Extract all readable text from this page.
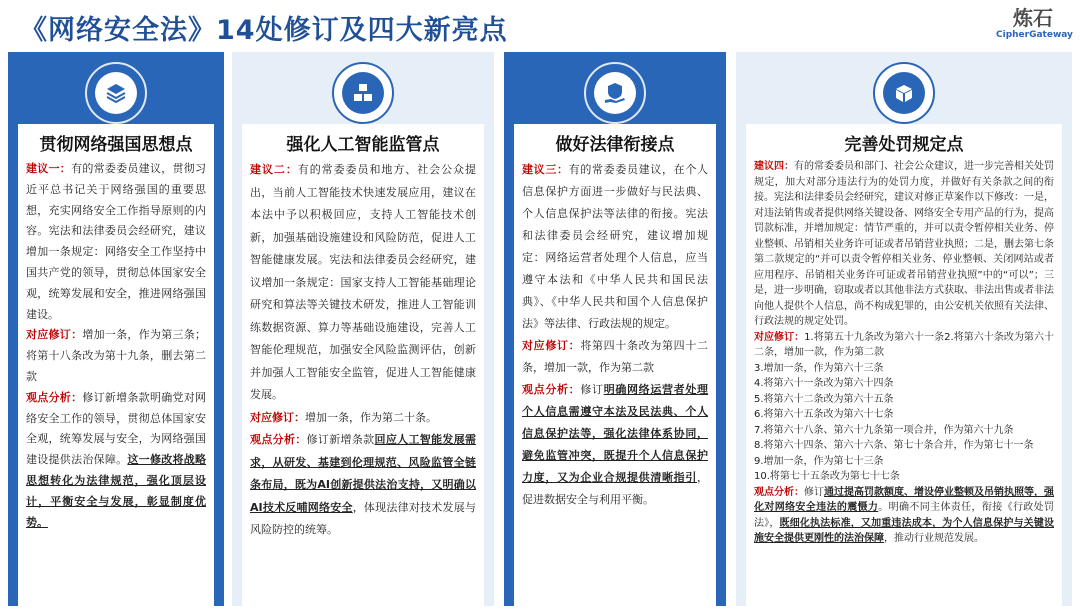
《网络安全法》14处修订及四大新亮点	炼石
CipherGateway
贯彻网络强国思想点

建议一：有的常委委员建议，贯彻习近平总书记关于网络强国的重要思想，充实网络安全工作指导原则的内容。宪法和法律委员会经研究，建议增加一条规定：网络安全工作坚持中国共产党的领导，贯彻总体国家安全观，统筹发展和安全，推进网络强国建设。

对应修订：增加一条，作为第三条；将第十八条改为第十九条，删去第二款

观点分析：修订新增条款明确党对网络安全工作的领导，贯彻总体国家安全观，统筹发展与安全，为网络强国建设提供法治保障。这一修改将战略思想转化为法律规范，强化顶层设计，平衡安全与发展，彰显制度优势。

强化人工智能监管点

建议二：有的常委委员和地方、社会公众提出，当前人工智能技术快速发展应用，建议在本法中予以积极回应，支持人工智能技术创新，加强基础设施建设和风险防范，促进人工智能健康发展。宪法和法律委员会经研究，建议增加一条规定：国家支持人工智能基础理论研究和算法等关键技术研发，推进人工智能训练数据资源、算力等基础设施建设，完善人工智能伦理规范，加强安全风险监测评估，创新并加强人工智能安全监管，促进人工智能健康发展。

对应修订：增加一条，作为第二十条。

观点分析：修订新增条款回应人工智能发展需求，从研发、基建到伦理规范、风险监管全链条布局，既为AI创新提供法治支持，又明确以AI技术反哺网络安全，体现法律对技术发展与风险防控的统筹。

做好法律衔接点

建议三：有的常委委员建议，在个人信息保护方面进一步做好与民法典、个人信息保护法等法律的衔接。宪法和法律委员会经研究，建议增加规定：网络运营者处理个人信息，应当遵守本法和《中华人民共和国民法典》、《中华人民共和国个人信息保护法》等法律、行政法规的规定。

对应修订：将第四十条改为第四十二条，增加一款，作为第二款

观点分析：修订明确网络运营者处理个人信息需遵守本法及民法典、个人信息保护法等，强化法律体系协同，避免监管冲突，既提升个人信息保护力度，又为企业合规提供清晰指引，促进数据安全与利用平衡。

完善处罚规定点

建议四：有的常委委员和部门、社会公众建议，进一步完善相关处罚规定，加大对部分违法行为的处罚力度，并做好有关条款之间的衔接。宪法和法律委员会经研究，建议对修正草案作以下修改：一是，对违法销售或者提供网络关键设备、网络安全专用产品的行为，提高罚款标准，并增加规定：情节严重的，并可以责令暂停相关业务、停业整顿、吊销相关业务许可证或者吊销营业执照；二是，删去第七条第二款规定的“并可以责令暂停相关业务、停业整顿、关闭网站或者应用程序、吊销相关业务许可证或者吊销营业执照”中的“可以”；三是，进一步明确，窃取或者以其他非法方式获取、非法出售或者非法向他人提供个人信息，尚不构成犯罪的，由公安机关依照有关法律、行政法规的规定处罚。

对应修订：1.将第五十九条改为第六十一条2.将第六十条改为第六十二条，增加一款，作为第二款

3.增加一条，作为第六十三条

4.将第六十一条改为第六十四条

5.将第六十二条改为第六十五条

6.将第六十五条改为第六十七条

7.将第六十八条、第六十九条第一项合并，作为第六十九条

8.将第六十四条、第六十六条、第七十条合并，作为第七十一条

9.增加一条，作为第七十三条

10.将第七十五条改为第七十七条

观点分析：修订通过提高罚款额度、增设停业整顿及吊销执照等，强化对网络安全违法的震慑力。明确不同主体责任，衔接《行政处罚法》，既细化执法标准，又加重违法成本，为个人信息保护与关键设施安全提供更刚性的法治保障，推动行业规范发展。
